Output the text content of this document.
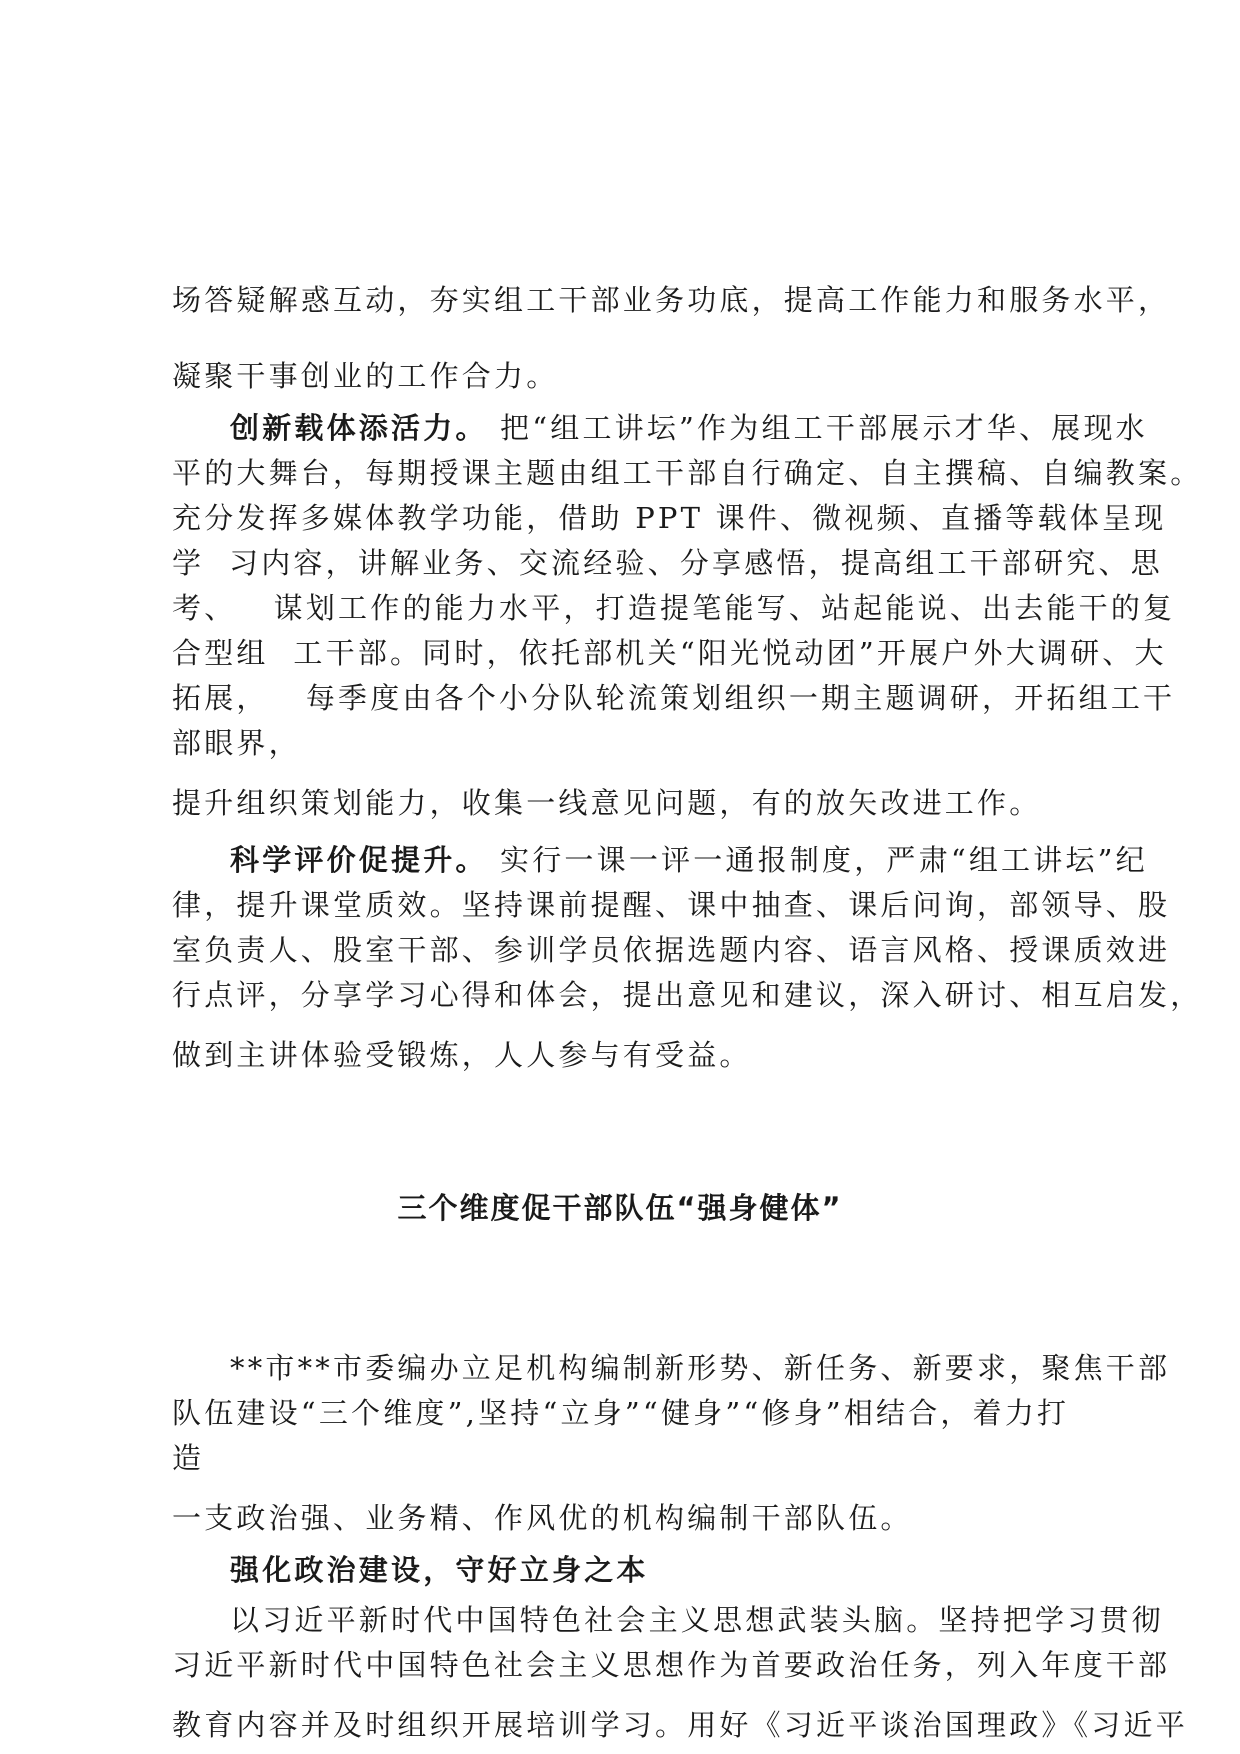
场答疑解惑互动，夯实组工干部业务功底，提高工作能力和服务水平，
凝聚干事创业的工作合力。
创新载体添活力。 把“组工讲坛”作为组工干部展示才华、展现水
平的大舞台，每期授课主题由组工干部自行确定、自主撰稿、自编教案。
充分发挥多媒体教学功能，借助 PPT 课件、微视频、直播等载体呈现
学  习内容，讲解业务、交流经验、分享感悟，提高组工干部研究、思
考、   谋划工作的能力水平，打造提笔能写、站起能说、出去能干的复
合型组  工干部。同时，依托部机关“阳光悦动团”开展户外大调研、大
拓展，   每季度由各个小分队轮流策划组织一期主题调研，开拓组工干
部眼界，
提升组织策划能力，收集一线意见问题，有的放矢改进工作。
科学评价促提升。 实行一课一评一通报制度，严肃“组工讲坛”纪
律，提升课堂质效。坚持课前提醒、课中抽查、课后问询，部领导、股
室负责人、股室干部、参训学员依据选题内容、语言风格、授课质效进
行点评，分享学习心得和体会，提出意见和建议，深入研讨、相互启发，
做到主讲体验受锻炼，人人参与有受益。
三个维度促干部队伍“强身健体”
**市**市委编办立足机构编制新形势、新任务、新要求，聚焦干部
队伍建设“三个维度”,坚持“立身”“健身”“修身”相结合，着力打
造
一支政治强、业务精、作风优的机构编制干部队伍。
强化政治建设，守好立身之本
以习近平新时代中国特色社会主义思想武装头脑。坚持把学习贯彻
习近平新时代中国特色社会主义思想作为首要政治任务，列入年度干部
教育内容并及时组织开展培训学习。用好《习近平谈治国理政》《习近平
